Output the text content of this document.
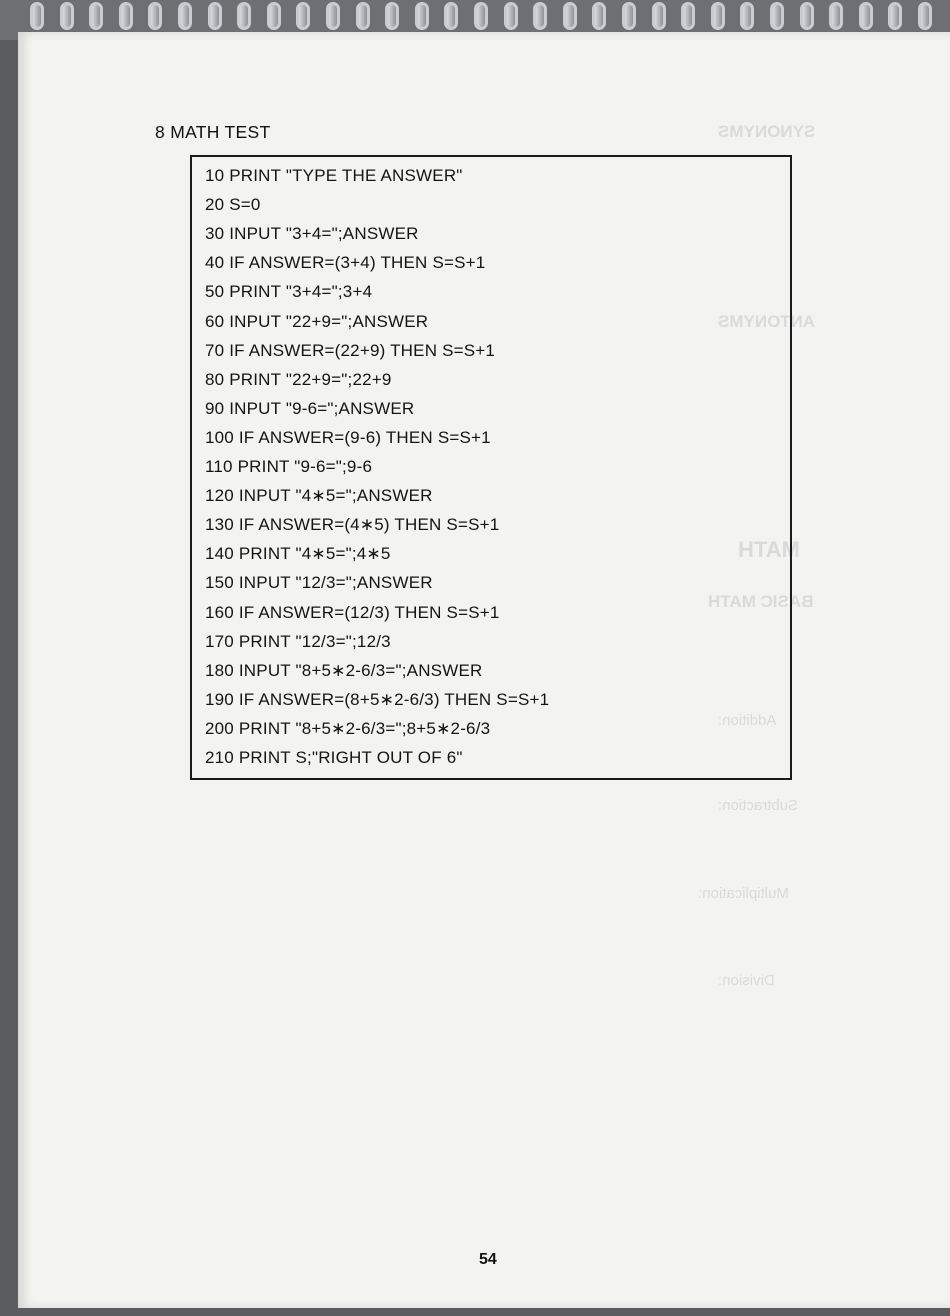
SYNONYMS
ANTONYMS
MATH
BASIC MATH
Addition:
Subtraction:
Multiplication:
Division:
8 MATH TEST
10 PRINT "TYPE THE ANSWER"
20 S=0
30 INPUT "3+4=";ANSWER
40 IF ANSWER=(3+4) THEN S=S+1
50 PRINT "3+4=";3+4
60 INPUT "22+9=";ANSWER
70 IF ANSWER=(22+9) THEN S=S+1
80 PRINT "22+9=";22+9
90 INPUT "9-6=";ANSWER
100 IF ANSWER=(9-6) THEN S=S+1
110 PRINT "9-6=";9-6
120 INPUT "4∗5=";ANSWER
130 IF ANSWER=(4∗5) THEN S=S+1
140 PRINT "4∗5=";4∗5
150 INPUT "12/3=";ANSWER
160 IF ANSWER=(12/3) THEN S=S+1
170 PRINT "12/3=";12/3
180 INPUT "8+5∗2-6/3=";ANSWER
190 IF ANSWER=(8+5∗2-6/3) THEN S=S+1
200 PRINT "8+5∗2-6/3=";8+5∗2-6/3
210 PRINT S;"RIGHT OUT OF 6"
54
